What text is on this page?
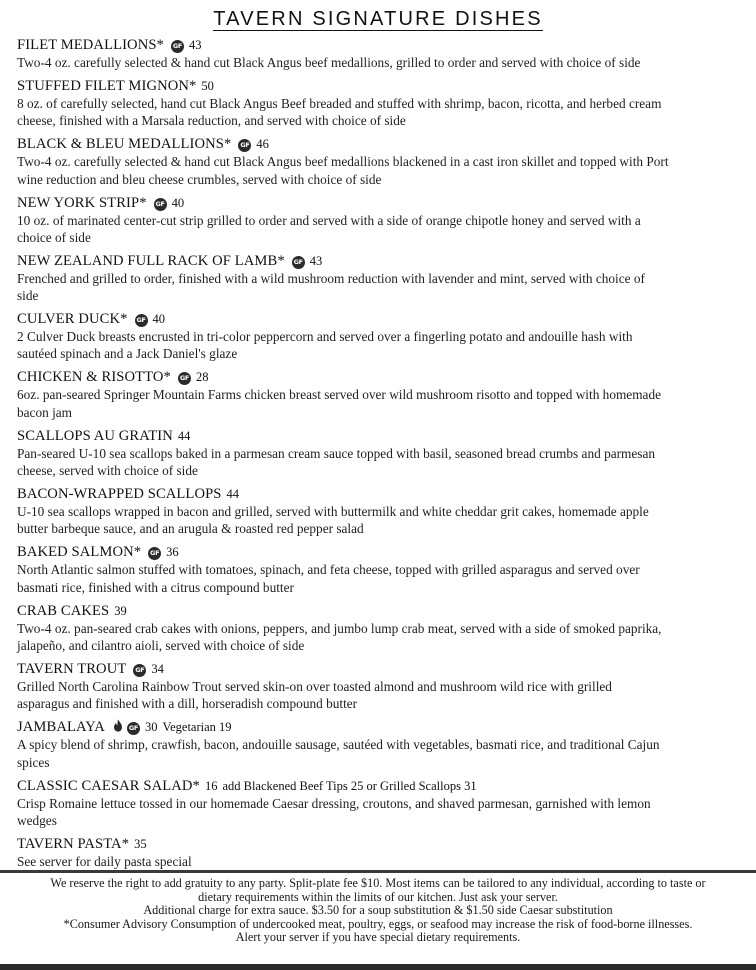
TAVERN SIGNATURE DISHES
FILET MEDALLIONS* GF 43
Two-4 oz. carefully selected & hand cut Black Angus beef medallions, grilled to order and served with choice of side
STUFFED FILET MIGNON* 50
8 oz. of carefully selected, hand cut Black Angus Beef breaded and stuffed with shrimp, bacon, ricotta, and herbed cream
cheese, finished with a Marsala reduction, and served with choice of side
BLACK & BLEU MEDALLIONS* GF 46
Two-4 oz. carefully selected & hand cut Black Angus beef medallions blackened in a cast iron skillet and topped with Port
wine reduction and bleu cheese crumbles, served with choice of side
NEW YORK STRIP* GF 40
10 oz. of marinated center-cut strip grilled to order and served with a side of orange chipotle honey and served with a
choice of side
NEW ZEALAND FULL RACK OF LAMB* GF 43
Frenched and grilled to order, finished with a wild mushroom reduction with lavender and mint, served with choice of
side
CULVER DUCK* GF 40
2 Culver Duck breasts encrusted in tri-color peppercorn and served over a fingerling potato and andouille hash with
sautéed spinach and a Jack Daniel's glaze
CHICKEN & RISOTTO* GF 28
6oz. pan-seared Springer Mountain Farms chicken breast served over wild mushroom risotto and topped with homemade
bacon jam
SCALLOPS AU GRATIN 44
Pan-seared U-10 sea scallops baked in a parmesan cream sauce topped with basil, seasoned bread crumbs and parmesan
cheese, served with choice of side
BACON-WRAPPED SCALLOPS 44
U-10 sea scallops wrapped in bacon and grilled, served with buttermilk and white cheddar grit cakes, homemade apple
butter barbeque sauce, and an arugula & roasted red pepper salad
BAKED SALMON* GF 36
North Atlantic salmon stuffed with tomatoes, spinach, and feta cheese, topped with grilled asparagus and served over
basmati rice, finished with a citrus compound butter
CRAB CAKES 39
Two-4 oz. pan-seared crab cakes with onions, peppers, and jumbo lump crab meat, served with a side of smoked paprika,
jalapeño, and cilantro aioli, served with choice of side
TAVERN TROUT GF 34
Grilled North Carolina Rainbow Trout served skin-on over toasted almond and mushroom wild rice with grilled
asparagus and finished with a dill, horseradish compound butter
JAMBALAYA	GF 30 Vegetarian 19
A spicy blend of shrimp, crawfish, bacon, andouille sausage, sautéed with vegetables, basmati rice, and traditional Cajun
spices
CLASSIC CAESAR SALAD* 16 add Blackened Beef Tips 25 or Grilled Scallops 31
Crisp Romaine lettuce tossed in our homemade Caesar dressing, croutons, and shaved parmesan, garnished with lemon
wedges
TAVERN PASTA* 35
See server for daily pasta special
We reserve the right to add gratuity to any party. Split-plate fee $10. Most items can be tailored to any individual, according to taste or
dietary requirements within the limits of our kitchen. Just ask your server.
Additional charge for extra sauce. $3.50 for a soup substitution & $1.50 side Caesar substitution
*Consumer Advisory Consumption of undercooked meat, poultry, eggs, or seafood may increase the risk of food-borne illnesses.
Alert your server if you have special dietary requirements.
